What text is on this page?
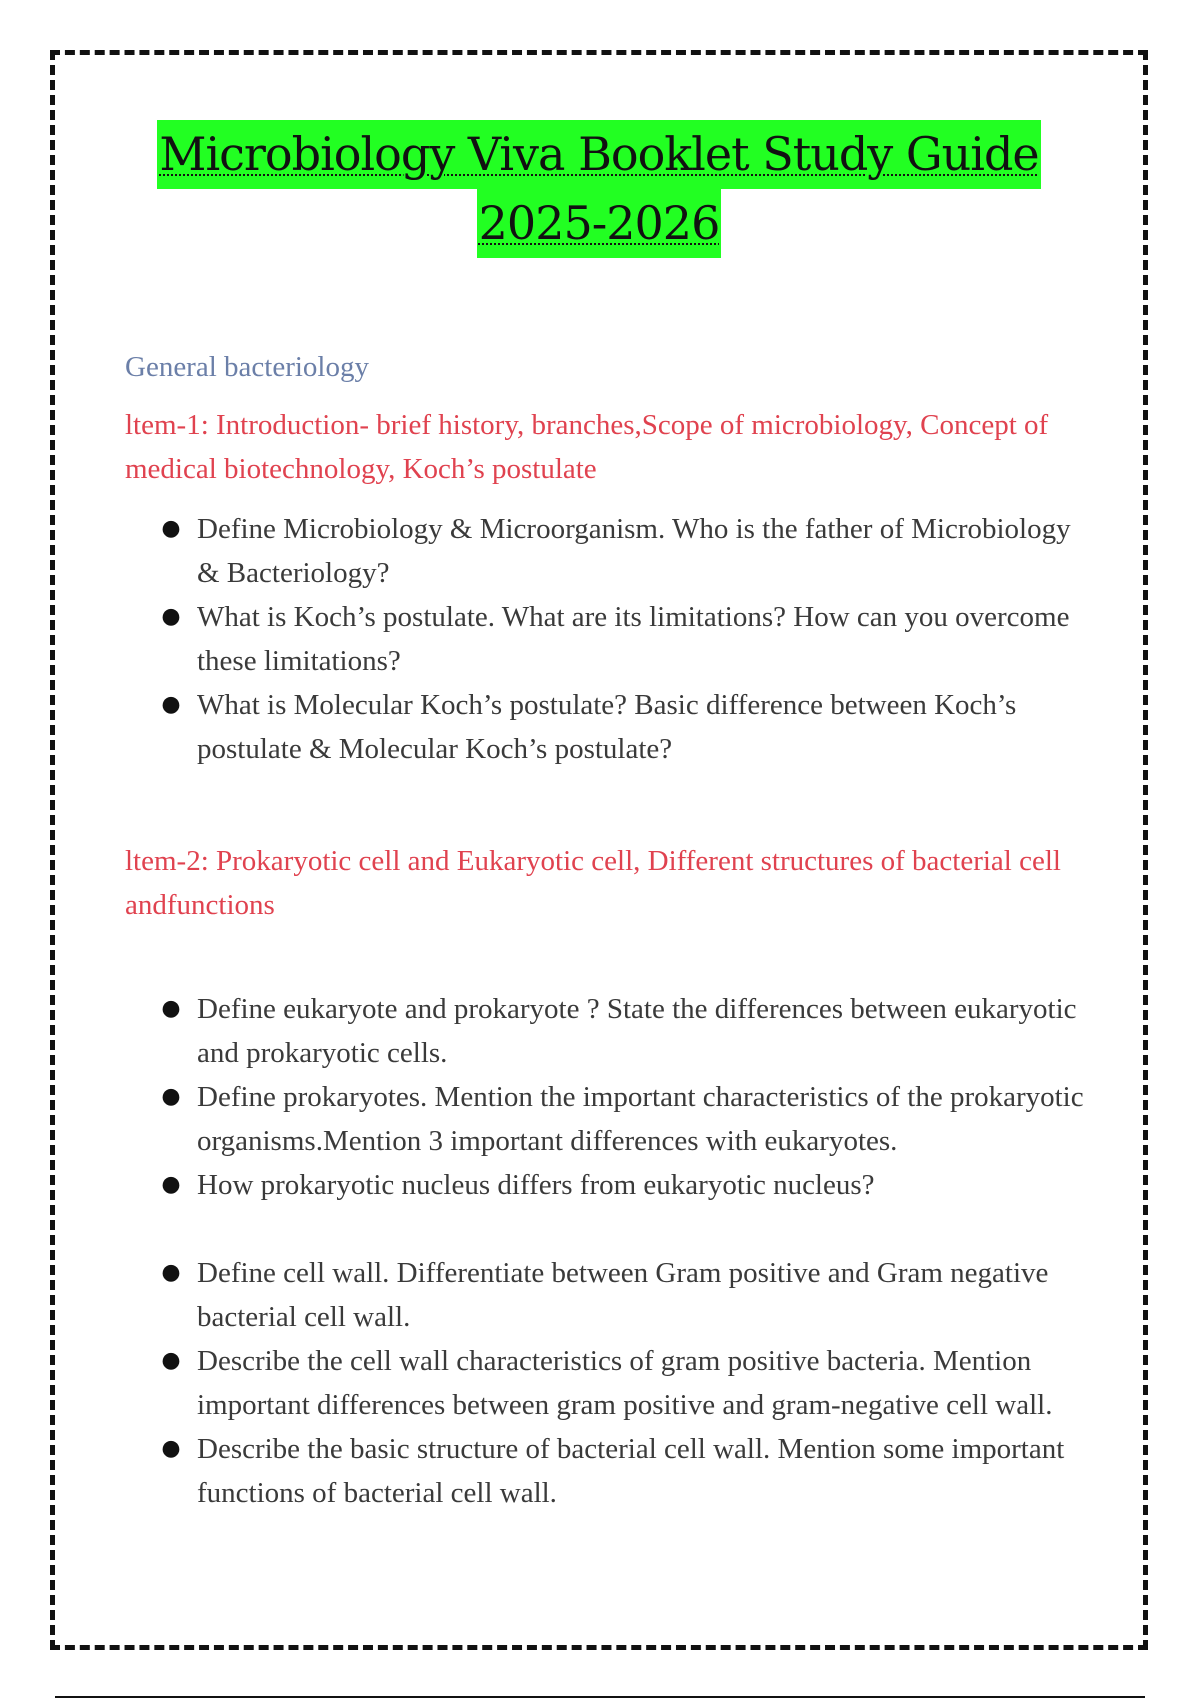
Microbiology Viva Booklet Study Guide
2025-2026
General bacteriology
ltem-1: Introduction- brief history, branches,Scope of microbiology, Concept of medical biotechnology, Koch’s postulate
● Define Microbiology & Microorganism. Who is the father of Microbiology & Bacteriology?
● What is Koch’s postulate. What are its limitations? How can you overcome these limitations?
● What is Molecular Koch’s postulate? Basic difference between Koch’s postulate & Molecular Koch’s postulate?
ltem-2: Prokaryotic cell and Eukaryotic cell, Different structures of bacterial cell andfunctions
● Define eukaryote and prokaryote ? State the differences between eukaryotic and prokaryotic cells.
● Define prokaryotes. Mention the important characteristics of the prokaryotic organisms.Mention 3 important differences with eukaryotes.
● How prokaryotic nucleus differs from eukaryotic nucleus?
● Define cell wall. Differentiate between Gram positive and Gram negative bacterial cell wall.
● Describe the cell wall characteristics of gram positive bacteria. Mention important differences between gram positive and gram-negative cell wall.
● Describe the basic structure of bacterial cell wall. Mention some important functions of bacterial cell wall.
